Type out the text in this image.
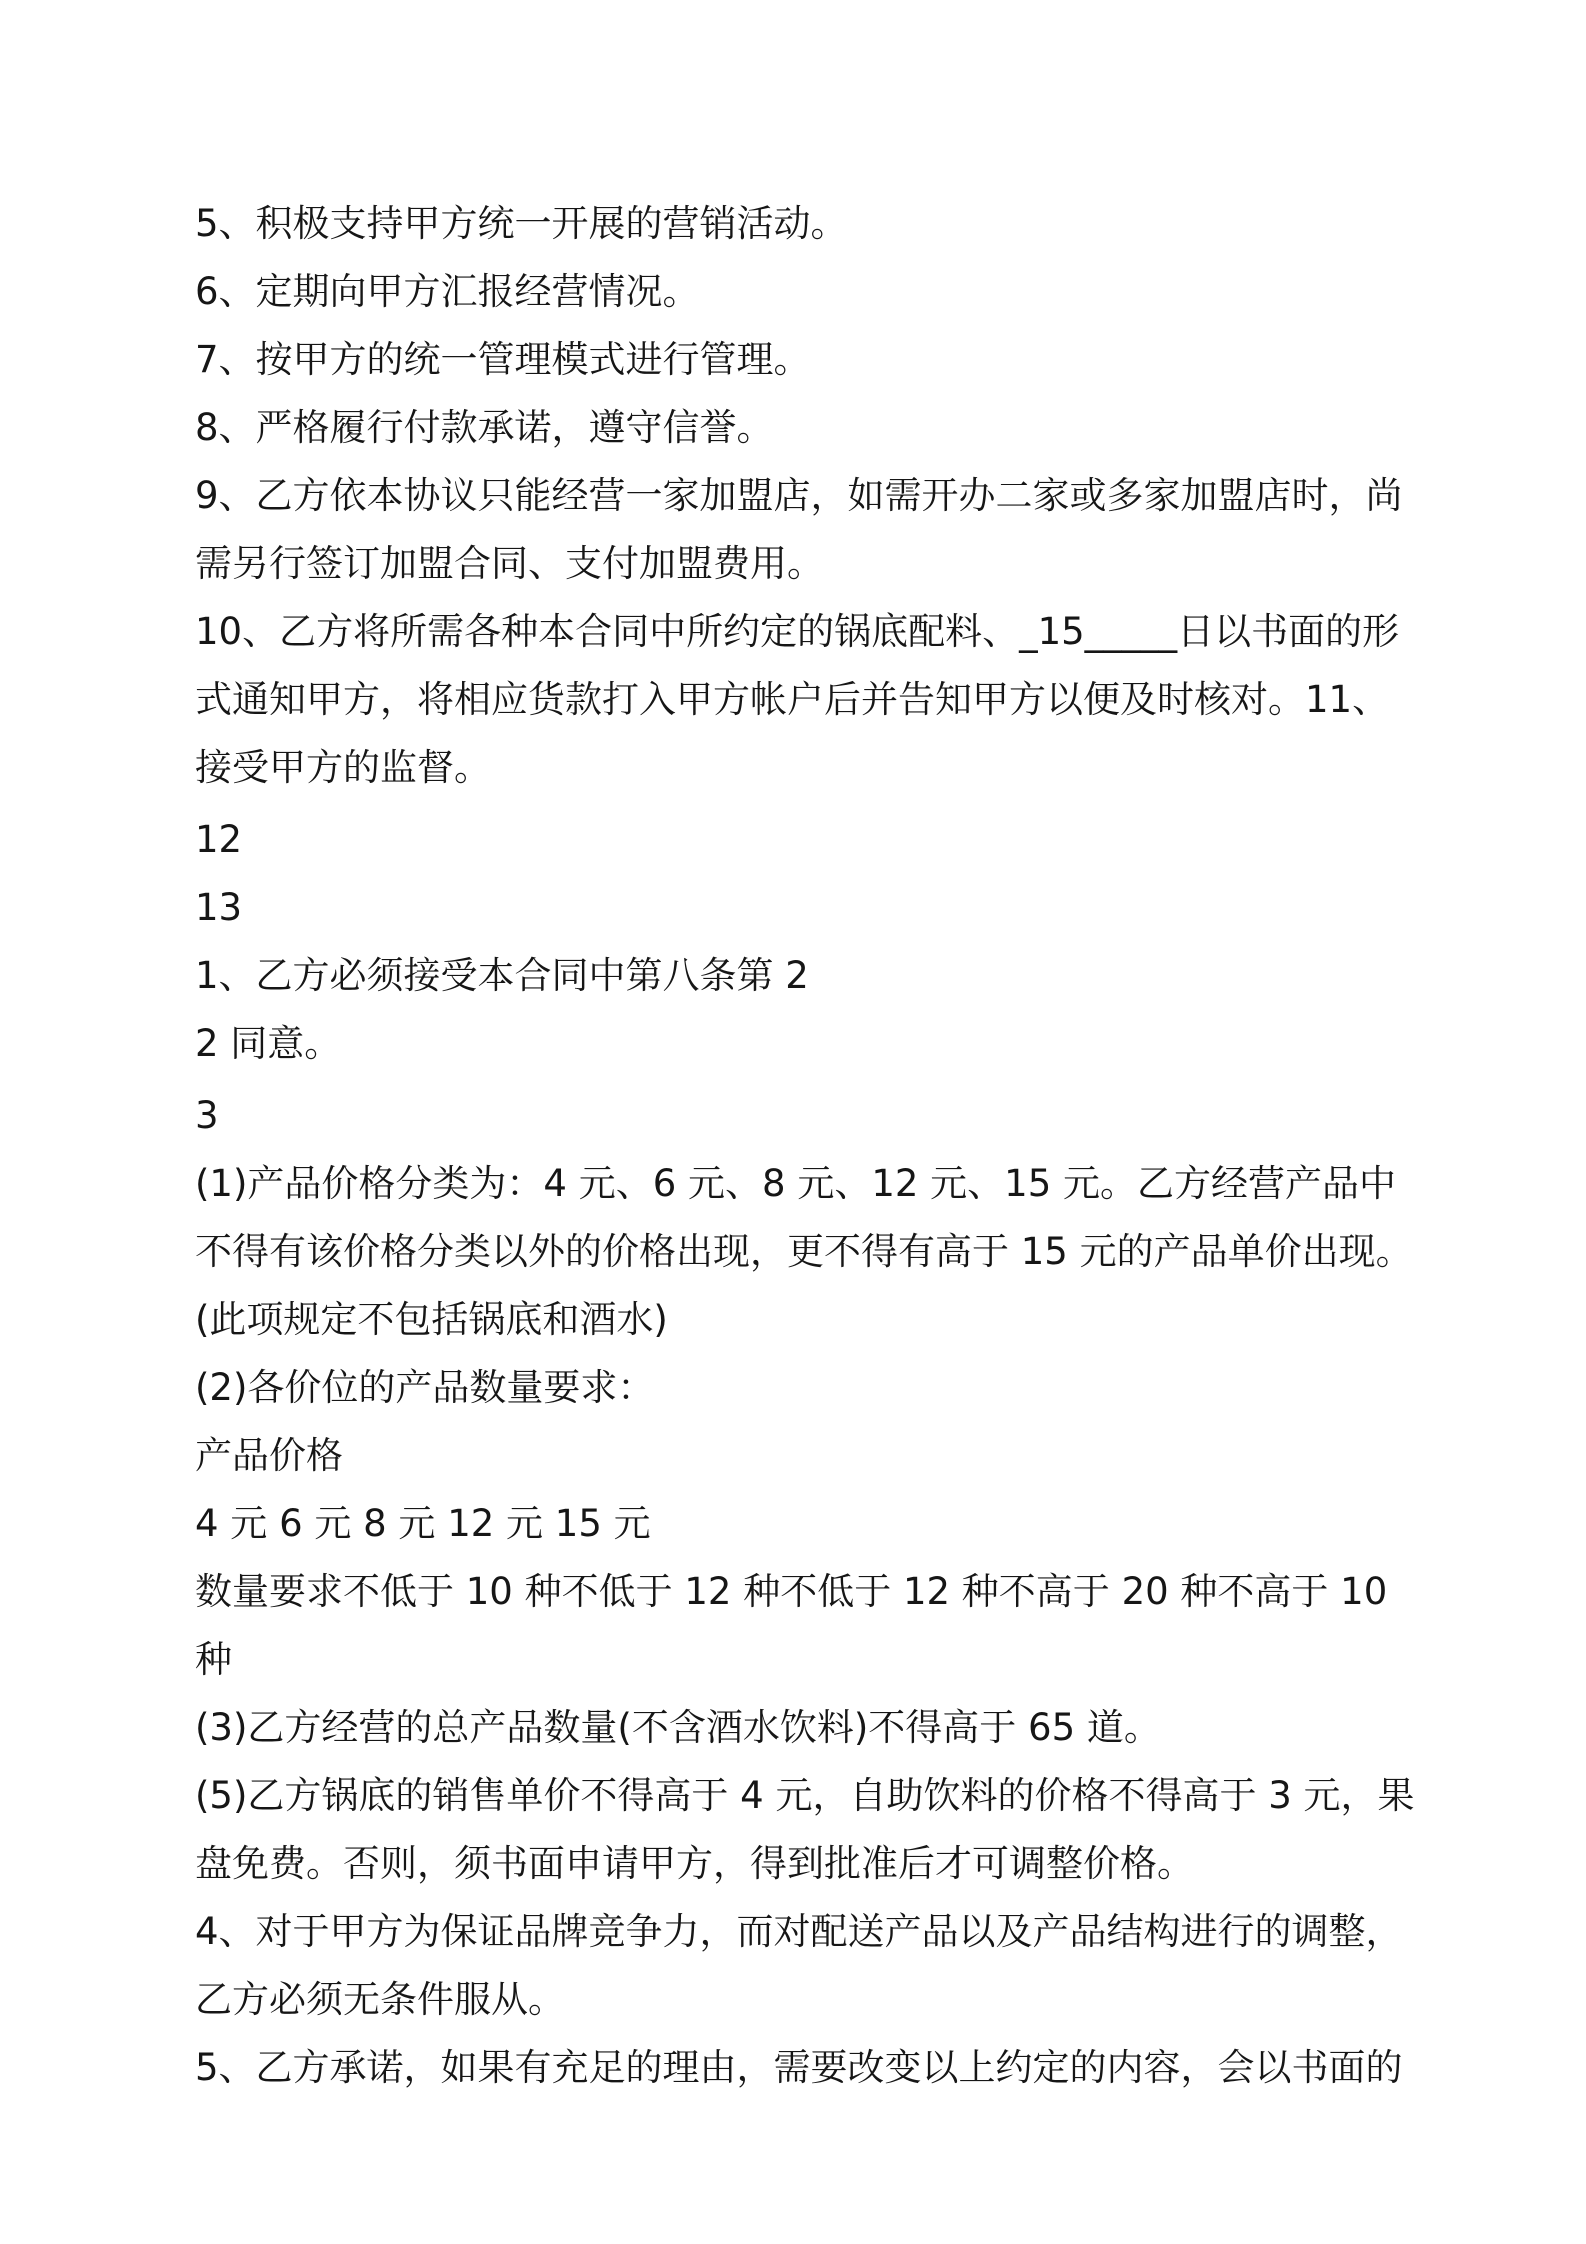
5、积极支持甲方统一开展的营销活动。

6、定期向甲方汇报经营情况。

7、按甲方的统一管理模式进行管理。

8、严格履行付款承诺，遵守信誉。

9、乙方依本协议只能经营一家加盟店，如需开办二家或多家加盟店时，尚需另行签订加盟合同、支付加盟费用。

10、乙方将所需各种本合同中所约定的锅底配料、_15_____日以书面的形式通知甲方，将相应货款打入甲方帐户后并告知甲方以便及时核对。11、接受甲方的监督。

12

13

1、乙方必须接受本合同中第八条第 2

2 同意。

3

(1)产品价格分类为：4 元、6 元、8 元、12 元、15 元。乙方经营产品中不得有该价格分类以外的价格出现，更不得有高于 15 元的产品单价出现。(此项规定不包括锅底和酒水)

(2)各价位的产品数量要求：

产品价格

4 元 6 元 8 元 12 元 15 元

数量要求不低于 10 种不低于 12 种不低于 12 种不高于 20 种不高于 10 种

(3)乙方经营的总产品数量(不含酒水饮料)不得高于 65 道。

(5)乙方锅底的销售单价不得高于 4 元，自助饮料的价格不得高于 3 元，果盘免费。否则，须书面申请甲方，得到批准后才可调整价格。

4、对于甲方为保证品牌竞争力，而对配送产品以及产品结构进行的调整，乙方必须无条件服从。

5、乙方承诺，如果有充足的理由，需要改变以上约定的内容，会以书面的
